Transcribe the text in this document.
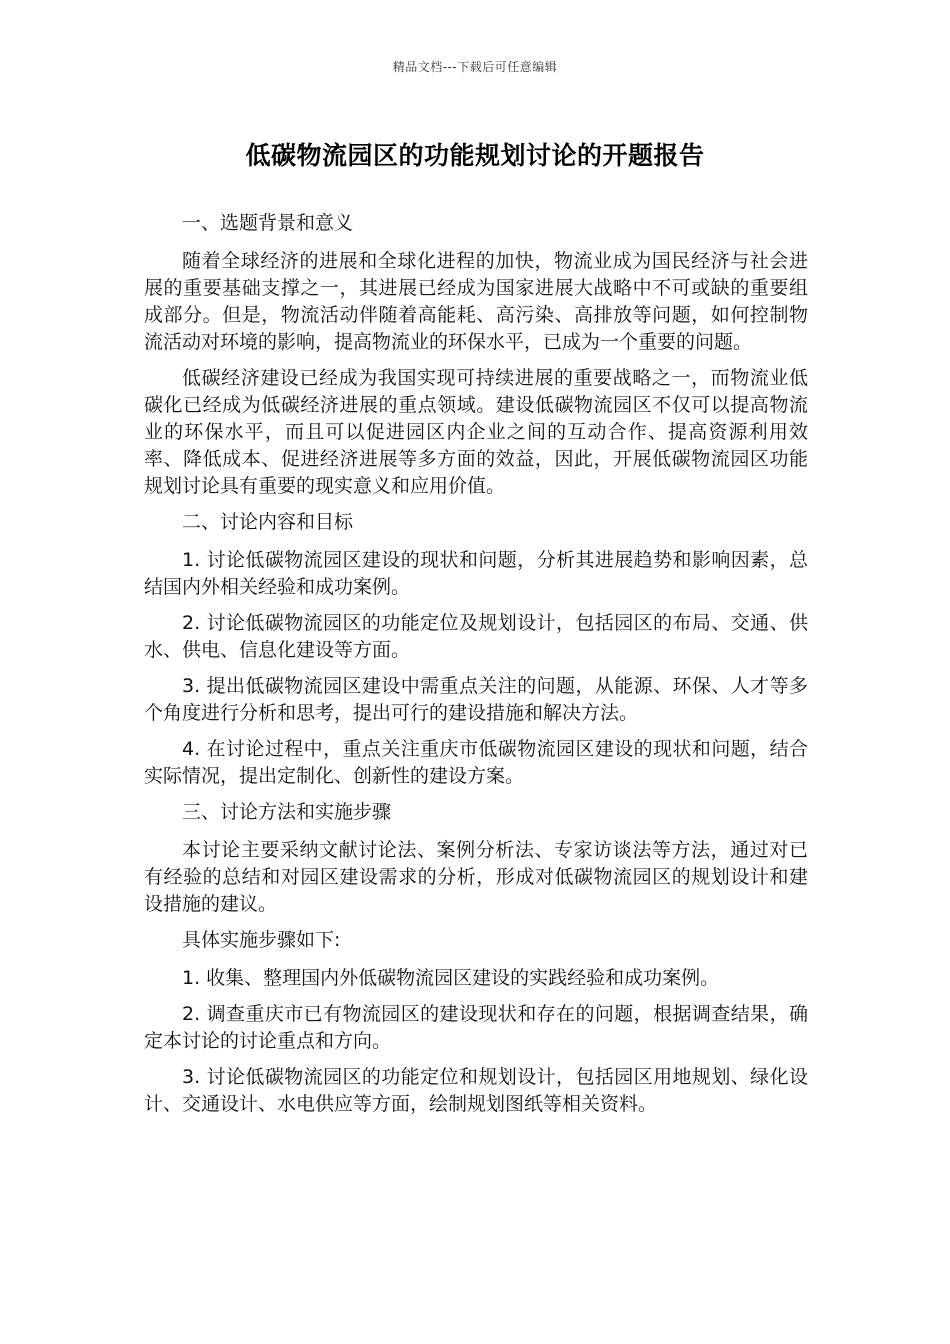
精品文档---下载后可任意编辑
低碳物流园区的功能规划讨论的开题报告

一、选题背景和意义

随着全球经济的进展和全球化进程的加快，物流业成为国民经济与社会进展的重要基础支撑之一，其进展已经成为国家进展大战略中不可或缺的重要组成部分。但是，物流活动伴随着高能耗、高污染、高排放等问题，如何控制物流活动对环境的影响，提高物流业的环保水平，已成为一个重要的问题。

低碳经济建设已经成为我国实现可持续进展的重要战略之一，而物流业低碳化已经成为低碳经济进展的重点领域。建设低碳物流园区不仅可以提高物流业的环保水平，而且可以促进园区内企业之间的互动合作、提高资源利用效率、降低成本、促进经济进展等多方面的效益，因此，开展低碳物流园区功能规划讨论具有重要的现实意义和应用价值。

二、讨论内容和目标

1. 讨论低碳物流园区建设的现状和问题，分析其进展趋势和影响因素，总结国内外相关经验和成功案例。

2. 讨论低碳物流园区的功能定位及规划设计，包括园区的布局、交通、供水、供电、信息化建设等方面。

3. 提出低碳物流园区建设中需重点关注的问题，从能源、环保、人才等多个角度进行分析和思考，提出可行的建设措施和解决方法。

4. 在讨论过程中，重点关注重庆市低碳物流园区建设的现状和问题，结合实际情况，提出定制化、创新性的建设方案。

三、讨论方法和实施步骤

本讨论主要采纳文献讨论法、案例分析法、专家访谈法等方法，通过对已有经验的总结和对园区建设需求的分析，形成对低碳物流园区的规划设计和建设措施的建议。

具体实施步骤如下:

1. 收集、整理国内外低碳物流园区建设的实践经验和成功案例。

2. 调查重庆市已有物流园区的建设现状和存在的问题，根据调查结果，确定本讨论的讨论重点和方向。

3. 讨论低碳物流园区的功能定位和规划设计，包括园区用地规划、绿化设计、交通设计、水电供应等方面，绘制规划图纸等相关资料。
